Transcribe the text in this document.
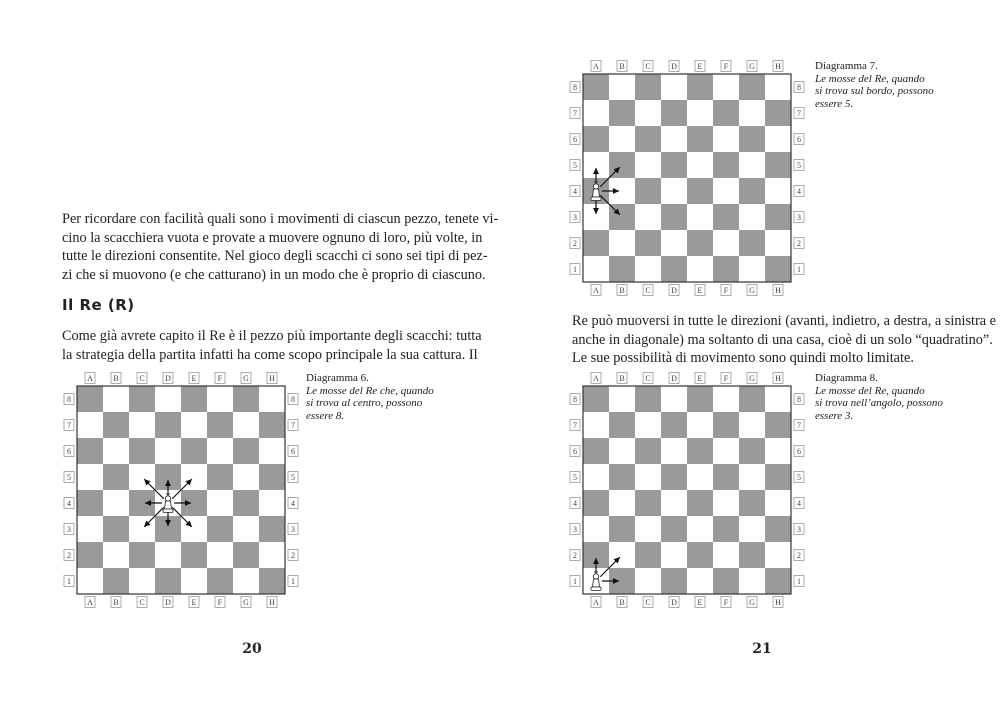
Per ricordare con facilità quali sono i movimenti di ciascun pezzo, tenete vi-
cino la scacchiera vuota e provate a muovere ognuno di loro, più volte, in
tutte le direzioni consentite. Nel gioco degli scacchi ci sono sei tipi di pez-
zi che si muovono (e che catturano) in un modo che è proprio di ciascuno.

Il Re (R)

Come già avrete capito il Re è il pezzo più importante degli scacchi: tutta
la strategia della partita infatti ha come scopo principale la sua cattura. Il

A
A
B
B
C
C
D
D
E
E
F
F
G
G
H
H
8	8
7	7
6	6
5	5
4	4
3	3
2	2
1	1
Diagramma 6.
Le mosse del Re che, quando
si trova al centro, possono
essere 8.

20

A
A
B
B
C
C
D
D
E
E
F
F
G
G
H
H
8	8
7	7
6	6
5	5
4	4
3	3
2	2
1	1
Diagramma 7.
Le mosse del Re, quando
si trova sul bordo, possono
essere 5.

Re può muoversi in tutte le direzioni (avanti, indietro, a destra, a sinistra e
anche in diagonale) ma soltanto di una casa, cioè di un solo “quadratino”.
Le sue possibilità di movimento sono quindi molto limitate.

A
A
B
B
C
C
D
D
E
E
F
F
G
G
H
H
8	8
7	7
6	6
5	5
4	4
3	3
2	2
1	1
Diagramma 8.
Le mosse del Re, quando
si trova nell’angolo, possono
essere 3.

21
